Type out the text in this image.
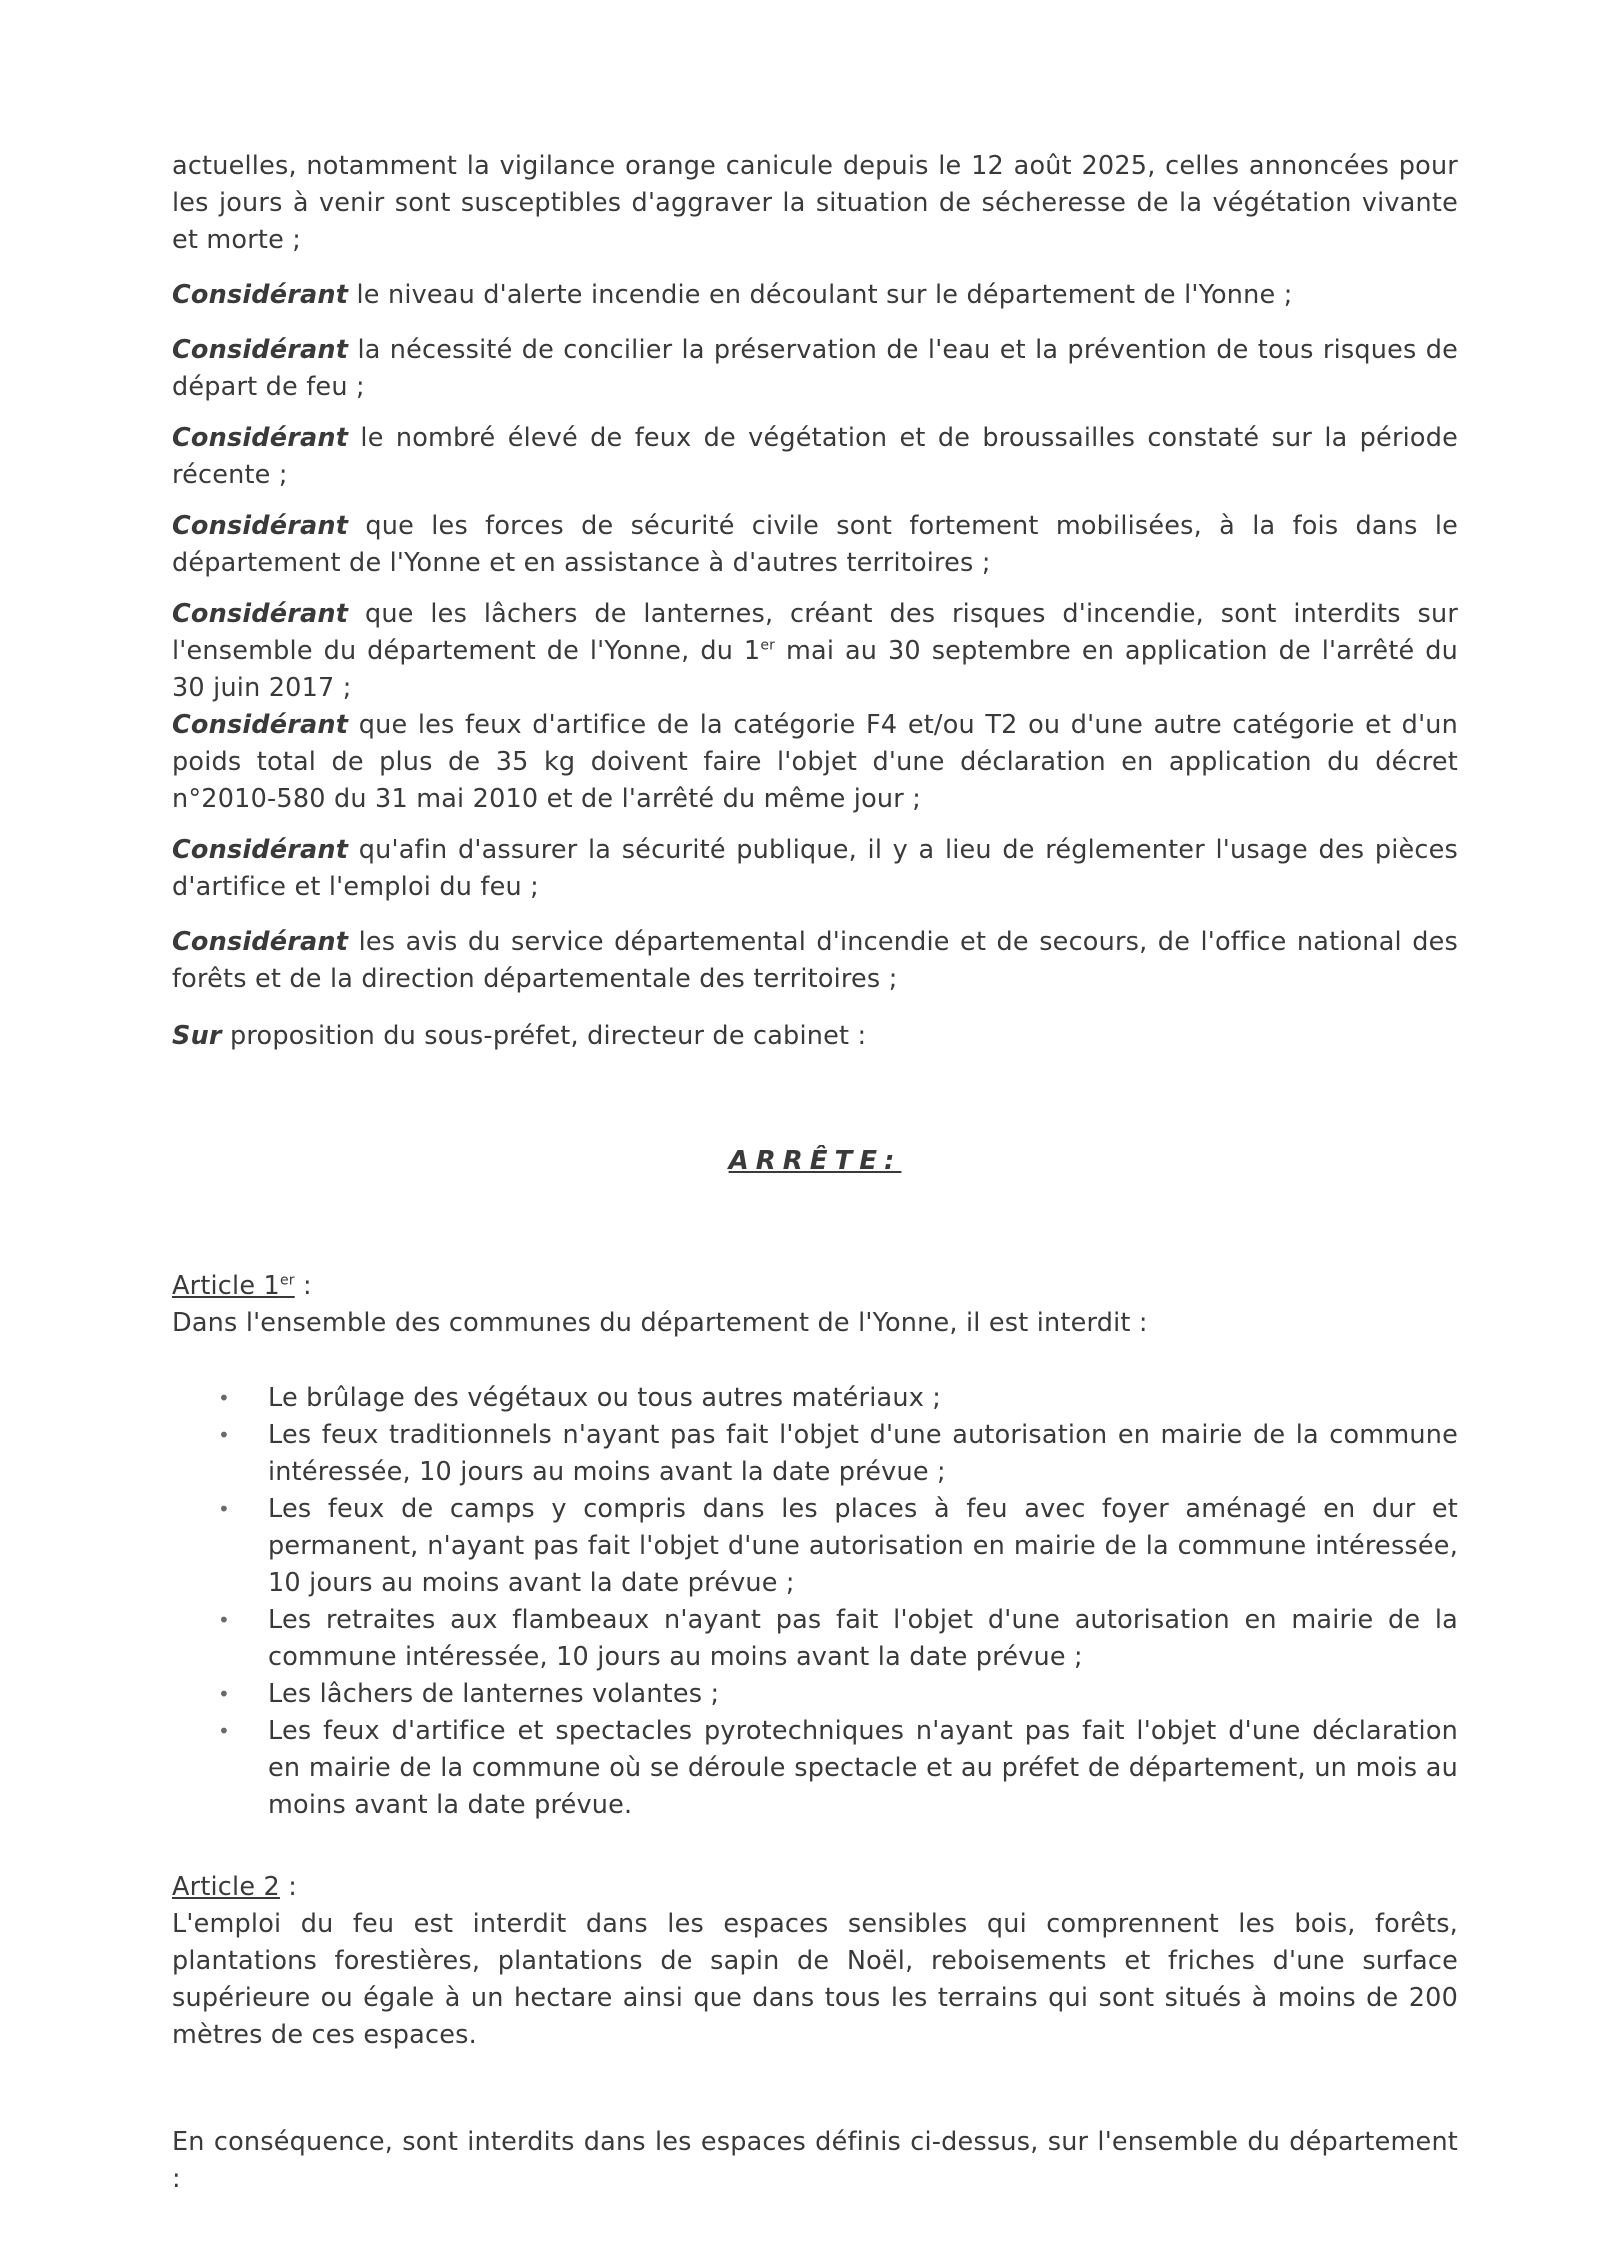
actuelles, notamment la vigilance orange canicule depuis le 12 août 2025, celles annoncées pour les jours à venir sont susceptibles d'aggraver la situation de sécheresse de la végétation vivante et morte ;

Considérant le niveau d'alerte incendie en découlant sur le département de l'Yonne ;

Considérant la nécessité de concilier la préservation de l'eau et la prévention de tous risques de départ de feu ;

Considérant le nombré élevé de feux de végétation et de broussailles constaté sur la période récente ;

Considérant que les forces de sécurité civile sont fortement mobilisées, à la fois dans le département de l'Yonne et en assistance à d'autres territoires ;

Considérant que les lâchers de lanternes, créant des risques d'incendie, sont interdits sur l'ensemble du département de l'Yonne, du 1er mai au 30 septembre en application de l'arrêté du 30 juin 2017 ;

Considérant que les feux d'artifice de la catégorie F4 et/ou T2 ou d'une autre catégorie et d'un poids total de plus de 35 kg doivent faire l'objet d'une déclaration en application du décret n°2010-580 du 31 mai 2010 et de l'arrêté du même jour ;

Considérant qu'afin d'assurer la sécurité publique, il y a lieu de réglementer l'usage des pièces d'artifice et l'emploi du feu ;

Considérant les avis du service départemental d'incendie et de secours, de l'office national des forêts et de la direction départementale des territoires ;

Sur proposition du sous-préfet, directeur de cabinet :

ARRÊTE:
Article 1er :

Dans l'ensemble des communes du département de l'Yonne, il est interdit :

• Le brûlage des végétaux ou tous autres matériaux ;
• Les feux traditionnels n'ayant pas fait l'objet d'une autorisation en mairie de la commune intéressée, 10 jours au moins avant la date prévue ;
• Les feux de camps y compris dans les places à feu avec foyer aménagé en dur et permanent, n'ayant pas fait l'objet d'une autorisation en mairie de la commune intéressée, 10 jours au moins avant la date prévue ;
• Les retraites aux flambeaux n'ayant pas fait l'objet d'une autorisation en mairie de la commune intéressée, 10 jours au moins avant la date prévue ;
• Les lâchers de lanternes volantes ;
• Les feux d'artifice et spectacles pyrotechniques n'ayant pas fait l'objet d'une déclaration en mairie de la commune où se déroule spectacle et au préfet de département, un mois au moins avant la date prévue.
Article 2 :

L'emploi du feu est interdit dans les espaces sensibles qui comprennent les bois, forêts, plantations forestières, plantations de sapin de Noël, reboisements et friches d'une surface supérieure ou égale à un hectare ainsi que dans tous les terrains qui sont situés à moins de 200 mètres de ces espaces.

En conséquence, sont interdits dans les espaces définis ci-dessus, sur l'ensemble du département :
